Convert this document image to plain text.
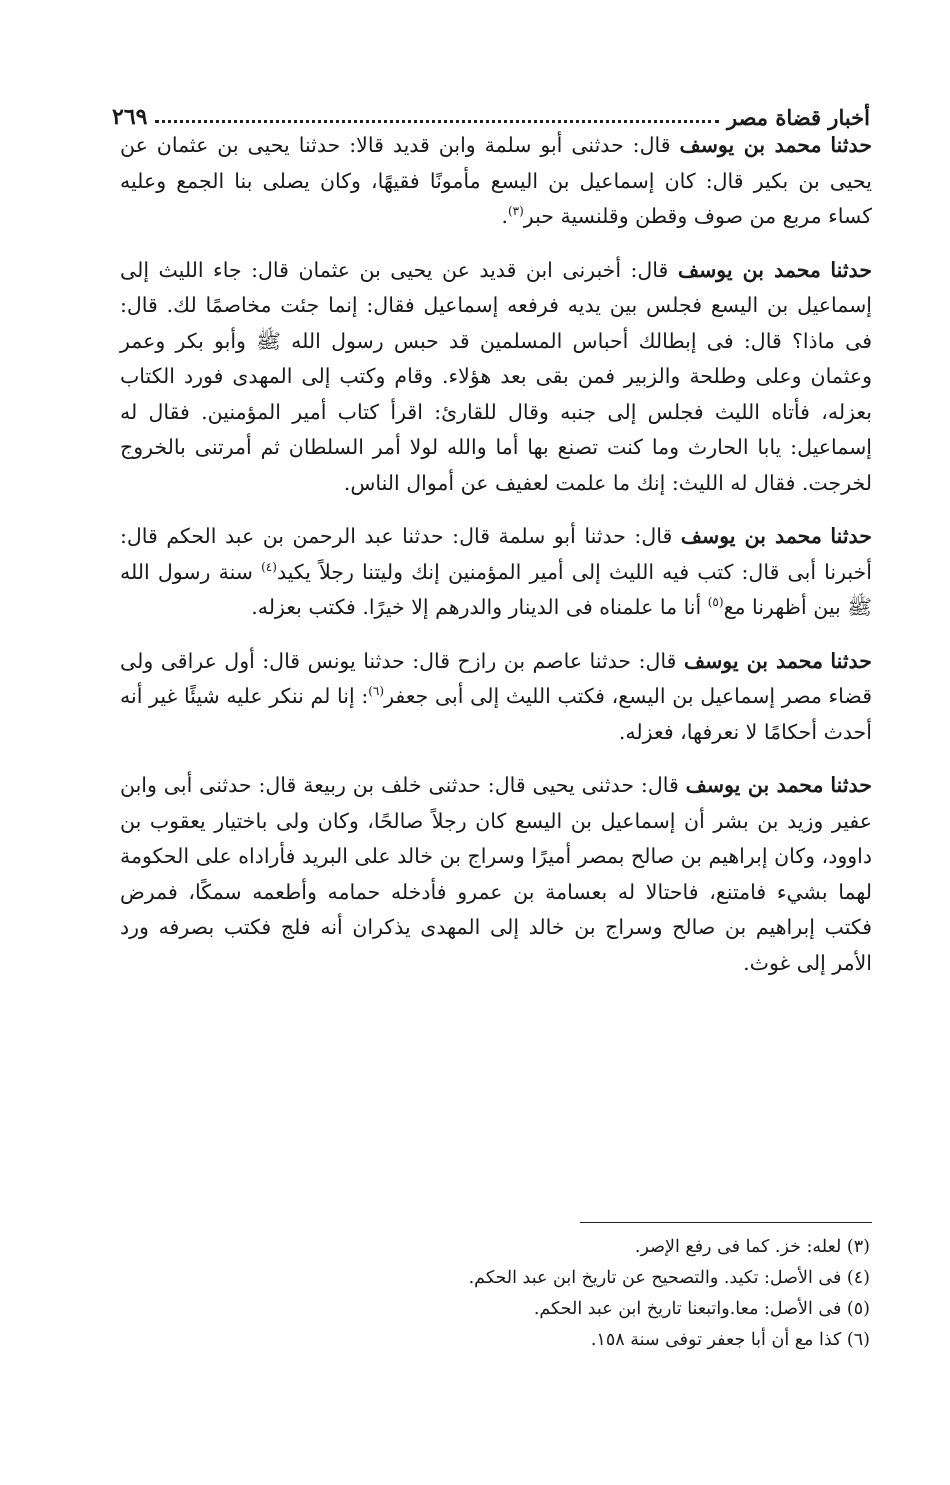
أخبار قضاة مصر
٢٦٩

حدثنا محمد بن يوسف قال: حدثنى أبو سلمة وابن قديد قالا: حدثنا يحيى بن عثمان عن يحيى بن بكير قال: كان إسماعيل بن اليسع مأمونًا فقيهًا، وكان يصلى بنا الجمع وعليه كساء مربع من صوف وقطن وقلنسية حبر$^{(٣)}$.

حدثنا محمد بن يوسف قال: أخبرنى ابن قديد عن يحيى بن عثمان قال: جاء الليث إلى إسماعيل بن اليسع فجلس بين يديه فرفعه إسماعيل فقال: إنما جئت مخاصمًا لك. قال: فى ماذا؟ قال: فى إبطالك أحباس المسلمين قد حبس رسول الله ﷺ وأبو بكر وعمر وعثمان وعلى وطلحة والزبير فمن بقى بعد هؤلاء. وقام وكتب إلى المهدى فورد الكتاب بعزله، فأتاه الليث فجلس إلى جنبه وقال للقارئ: اقرأ كتاب أمير المؤمنين. فقال له إسماعيل: يابا الحارث وما كنت تصنع بها أما والله لولا أمر السلطان ثم أمرتنى بالخروج لخرجت. فقال له الليث: إنك ما علمت لعفيف عن أموال الناس.

حدثنا محمد بن يوسف قال: حدثنا أبو سلمة قال: حدثنا عبد الرحمن بن عبد الحكم قال: أخبرنا أبى قال: كتب فيه الليث إلى أمير المؤمنين إنك وليتنا رجلاً يكيد$^{(٤)}$ سنة رسول الله ﷺ بين أظهرنا مع$^{(٥)}$ أنا ما علمناه فى الدينار والدرهم إلا خيرًا. فكتب بعزله.

حدثنا محمد بن يوسف قال: حدثنا عاصم بن رازح قال: حدثنا يونس قال: أول عراقى ولى قضاء مصر إسماعيل بن اليسع، فكتب الليث إلى أبى جعفر$^{(٦)}$: إنا لم ننكر عليه شيئًا غير أنه أحدث أحكامًا لا نعرفها، فعزله.

حدثنا محمد بن يوسف قال: حدثنى يحيى قال: حدثنى خلف بن ربيعة قال: حدثنى أبى وابن عفير وزيد بن بشر أن إسماعيل بن اليسع كان رجلاً صالحًا، وكان ولى باختيار يعقوب بن داوود، وكان إبراهيم بن صالح بمصر أميرًا وسراج بن خالد على البريد فأراداه على الحكومة لهما بشيء فامتنع، فاحتالا له بعسامة بن عمرو فأدخله حمامه وأطعمه سمكًا، فمرض فكتب إبراهيم بن صالح وسراج بن خالد إلى المهدى يذكران أنه فلج فكتب بصرفه ورد الأمر إلى غوث.

(٣) لعله: خز. كما فى رفع الإصر.

(٤) فى الأصل: تكيد. والتصحيح عن تاريخ ابن عبد الحكم.

(٥) فى الأصل: معا.واتبعنا تاريخ ابن عبد الحكم.

(٦) كذا مع أن أبا جعفر توفى سنة ١٥٨.
